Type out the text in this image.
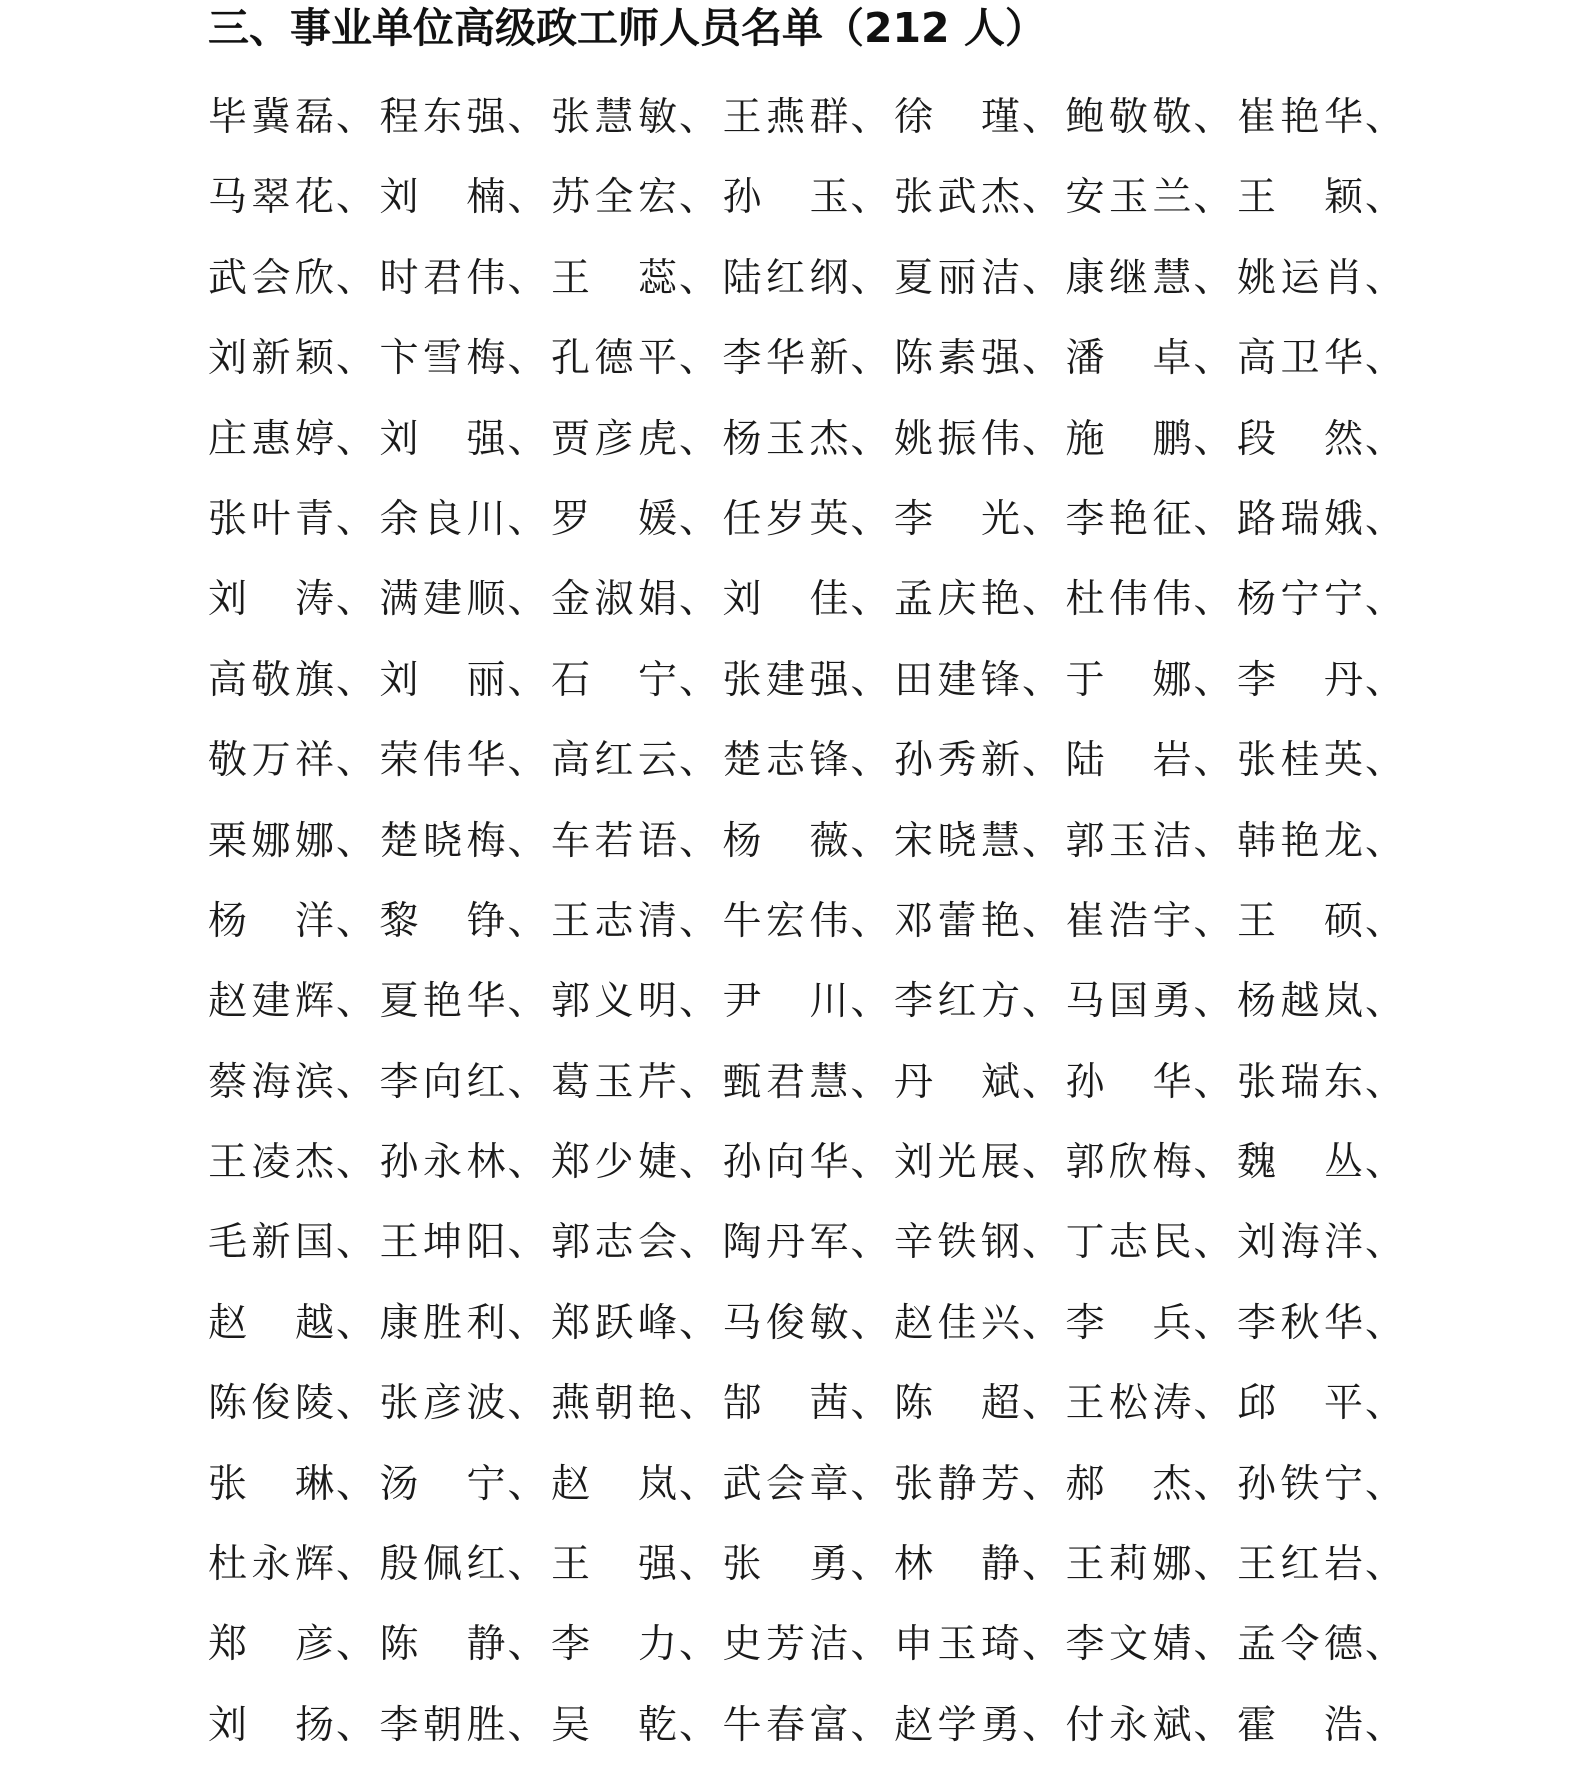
三、事业单位高级政工师人员名单（212 人）
毕 冀 磊 、 程 东 强 、 张 慧 敏 、 王 燕 群 、 徐 瑾 、 鲍 敬 敬 、 崔 艳 华 、
马 翠 花 、 刘 楠 、 苏 全 宏 、 孙 玉 、 张 武 杰 、 安 玉 兰 、 王 颖 、
武 会 欣 、 时 君 伟 、 王 蕊 、 陆 红 纲 、 夏 丽 洁 、 康 继 慧 、 姚 运 肖 、
刘 新 颖 、 卞 雪 梅 、 孔 德 平 、 李 华 新 、 陈 素 强 、 潘 卓 、 高 卫 华 、
庄 惠 婷 、 刘 强 、 贾 彦 虎 、 杨 玉 杰 、 姚 振 伟 、 施 鹏 、 段 然 、
张 叶 青 、 余 良 川 、 罗 媛 、 任 岁 英 、 李 光 、 李 艳 征 、 路 瑞 娥 、
刘 涛 、 满 建 顺 、 金 淑 娟 、 刘 佳 、 孟 庆 艳 、 杜 伟 伟 、 杨 宁 宁 、
高 敬 旗 、 刘 丽 、 石 宁 、 张 建 强 、 田 建 锋 、 于 娜 、 李 丹 、
敬 万 祥 、 荣 伟 华 、 高 红 云 、 楚 志 锋 、 孙 秀 新 、 陆 岩 、 张 桂 英 、
栗 娜 娜 、 楚 晓 梅 、 车 若 语 、 杨 薇 、 宋 晓 慧 、 郭 玉 洁 、 韩 艳 龙 、
杨 洋 、 黎 铮 、 王 志 清 、 牛 宏 伟 、 邓 蕾 艳 、 崔 浩 宇 、 王 硕 、
赵 建 辉 、 夏 艳 华 、 郭 义 明 、 尹 川 、 李 红 方 、 马 国 勇 、 杨 越 岚 、
蔡 海 滨 、 李 向 红 、 葛 玉 芹 、 甄 君 慧 、 丹 斌 、 孙 华 、 张 瑞 东 、
王 凌 杰 、 孙 永 林 、 郑 少 婕 、 孙 向 华 、 刘 光 展 、 郭 欣 梅 、 魏 丛 、
毛 新 国 、 王 坤 阳 、 郭 志 会 、 陶 丹 军 、 辛 铁 钢 、 丁 志 民 、 刘 海 洋 、
赵 越 、 康 胜 利 、 郑 跃 峰 、 马 俊 敏 、 赵 佳 兴 、 李 兵 、 李 秋 华 、
陈 俊 陵 、 张 彦 波 、 燕 朝 艳 、 郜 茜 、 陈 超 、 王 松 涛 、 邱 平 、
张 琳 、 汤 宁 、 赵 岚 、 武 会 章 、 张 静 芳 、 郝 杰 、 孙 铁 宁 、
杜 永 辉 、 殷 佩 红 、 王 强 、 张 勇 、 林 静 、 王 莉 娜 、 王 红 岩 、
郑 彦 、 陈 静 、 李 力 、 史 芳 洁 、 申 玉 琦 、 李 文 婧 、 孟 令 德 、
刘 扬 、 李 朝 胜 、 吴 乾 、 牛 春 富 、 赵 学 勇 、 付 永 斌 、 霍 浩 、
